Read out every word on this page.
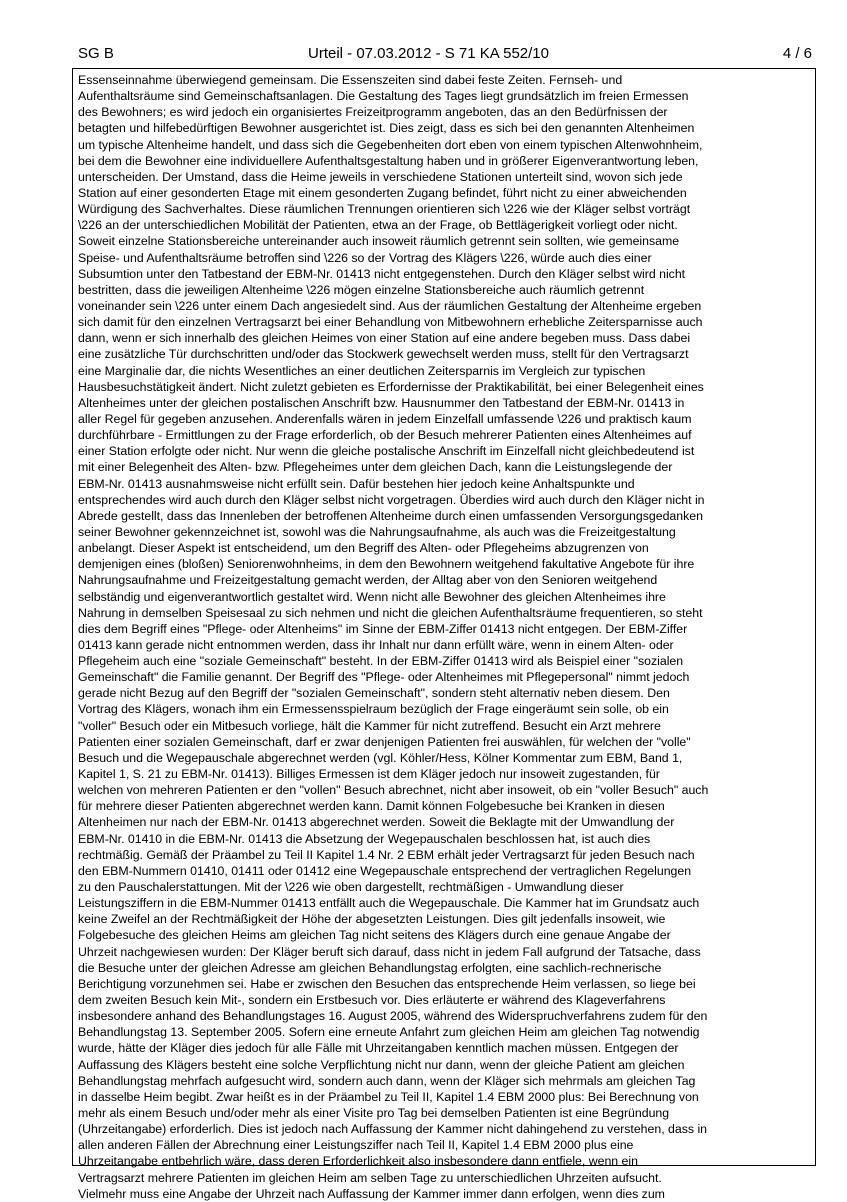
SG B	Urteil - 07.03.2012 - S 71 KA 552/10	4 / 6
Essenseinnahme überwiegend gemeinsam. Die Essenszeiten sind dabei feste Zeiten. Fernseh- und
Aufenthaltsräume sind Gemeinschaftsanlagen. Die Gestaltung des Tages liegt grundsätzlich im freien Ermessen
des Bewohners; es wird jedoch ein organisiertes Freizeitprogramm angeboten, das an den Bedürfnissen der
betagten und hilfebedürftigen Bewohner ausgerichtet ist. Dies zeigt, dass es sich bei den genannten Altenheimen
um typische Altenheime handelt, und dass sich die Gegebenheiten dort eben von einem typischen Altenwohnheim,
bei dem die Bewohner eine individuellere Aufenthaltsgestaltung haben und in größerer Eigenverantwortung leben,
unterscheiden. Der Umstand, dass die Heime jeweils in verschiedene Stationen unterteilt sind, wovon sich jede
Station auf einer gesonderten Etage mit einem gesonderten Zugang befindet, führt nicht zu einer abweichenden
Würdigung des Sachverhaltes. Diese räumlichen Trennungen orientieren sich \226 wie der Kläger selbst vorträgt
\226 an der unterschiedlichen Mobilität der Patienten, etwa an der Frage, ob Bettlägerigkeit vorliegt oder nicht.
Soweit einzelne Stationsbereiche untereinander auch insoweit räumlich getrennt sein sollten, wie gemeinsame
Speise- und Aufenthaltsräume betroffen sind \226 so der Vortrag des Klägers \226, würde auch dies einer
Subsumtion unter den Tatbestand der EBM-Nr. 01413 nicht entgegenstehen. Durch den Kläger selbst wird nicht
bestritten, dass die jeweiligen Altenheime \226 mögen einzelne Stationsbereiche auch räumlich getrennt
voneinander sein \226 unter einem Dach angesiedelt sind. Aus der räumlichen Gestaltung der Altenheime ergeben
sich damit für den einzelnen Vertragsarzt bei einer Behandlung von Mitbewohnern erhebliche Zeitersparnisse auch
dann, wenn er sich innerhalb des gleichen Heimes von einer Station auf eine andere begeben muss. Dass dabei
eine zusätzliche Tür durchschritten und/oder das Stockwerk gewechselt werden muss, stellt für den Vertragsarzt
eine Marginalie dar, die nichts Wesentliches an einer deutlichen Zeitersparnis im Vergleich zur typischen
Hausbesuchstätigkeit ändert. Nicht zuletzt gebieten es Erfordernisse der Praktikabilität, bei einer Belegenheit eines
Altenheimes unter der gleichen postalischen Anschrift bzw. Hausnummer den Tatbestand der EBM-Nr. 01413 in
aller Regel für gegeben anzusehen. Anderenfalls wären in jedem Einzelfall umfassende \226 und praktisch kaum
durchführbare - Ermittlungen zu der Frage erforderlich, ob der Besuch mehrerer Patienten eines Altenheimes auf
einer Station erfolgte oder nicht. Nur wenn die gleiche postalische Anschrift im Einzelfall nicht gleichbedeutend ist
mit einer Belegenheit des Alten- bzw. Pflegeheimes unter dem gleichen Dach, kann die Leistungslegende der
EBM-Nr. 01413 ausnahmsweise nicht erfüllt sein. Dafür bestehen hier jedoch keine Anhaltspunkte und
entsprechendes wird auch durch den Kläger selbst nicht vorgetragen. Überdies wird auch durch den Kläger nicht in
Abrede gestellt, dass das Innenleben der betroffenen Altenheime durch einen umfassenden Versorgungsgedanken
seiner Bewohner gekennzeichnet ist, sowohl was die Nahrungsaufnahme, als auch was die Freizeitgestaltung
anbelangt. Dieser Aspekt ist entscheidend, um den Begriff des Alten- oder Pflegeheims abzugrenzen von
demjenigen eines (bloßen) Seniorenwohnheims, in dem den Bewohnern weitgehend fakultative Angebote für ihre
Nahrungsaufnahme und Freizeitgestaltung gemacht werden, der Alltag aber von den Senioren weitgehend
selbständig und eigenverantwortlich gestaltet wird. Wenn nicht alle Bewohner des gleichen Altenheimes ihre
Nahrung in demselben Speisesaal zu sich nehmen und nicht die gleichen Aufenthaltsräume frequentieren, so steht
dies dem Begriff eines "Pflege- oder Altenheims" im Sinne der EBM-Ziffer 01413 nicht entgegen. Der EBM-Ziffer
01413 kann gerade nicht entnommen werden, dass ihr Inhalt nur dann erfüllt wäre, wenn in einem Alten- oder
Pflegeheim auch eine "soziale Gemeinschaft" besteht. In der EBM-Ziffer 01413 wird als Beispiel einer "sozialen
Gemeinschaft" die Familie genannt. Der Begriff des "Pflege- oder Altenheimes mit Pflegepersonal" nimmt jedoch
gerade nicht Bezug auf den Begriff der "sozialen Gemeinschaft", sondern steht alternativ neben diesem. Den
Vortrag des Klägers, wonach ihm ein Ermessensspielraum bezüglich der Frage eingeräumt sein solle, ob ein
"voller" Besuch oder ein Mitbesuch vorliege, hält die Kammer für nicht zutreffend. Besucht ein Arzt mehrere
Patienten einer sozialen Gemeinschaft, darf er zwar denjenigen Patienten frei auswählen, für welchen der "volle"
Besuch und die Wegepauschale abgerechnet werden (vgl. Köhler/Hess, Kölner Kommentar zum EBM, Band 1,
Kapitel 1, S. 21 zu EBM-Nr. 01413). Billiges Ermessen ist dem Kläger jedoch nur insoweit zugestanden, für
welchen von mehreren Patienten er den "vollen" Besuch abrechnet, nicht aber insoweit, ob ein "voller Besuch" auch
für mehrere dieser Patienten abgerechnet werden kann. Damit können Folgebesuche bei Kranken in diesen
Altenheimen nur nach der EBM-Nr. 01413 abgerechnet werden. Soweit die Beklagte mit der Umwandlung der
EBM-Nr. 01410 in die EBM-Nr. 01413 die Absetzung der Wegepauschalen beschlossen hat, ist auch dies
rechtmäßig. Gemäß der Präambel zu Teil II Kapitel 1.4 Nr. 2 EBM erhält jeder Vertragsarzt für jeden Besuch nach
den EBM-Nummern 01410, 01411 oder 01412 eine Wegepauschale entsprechend der vertraglichen Regelungen
zu den Pauschalerstattungen. Mit der \226 wie oben dargestellt, rechtmäßigen - Umwandlung dieser
Leistungsziffern in die EBM-Nummer 01413 entfällt auch die Wegepauschale. Die Kammer hat im Grundsatz auch
keine Zweifel an der Rechtmäßigkeit der Höhe der abgesetzten Leistungen. Dies gilt jedenfalls insoweit, wie
Folgebesuche des gleichen Heims am gleichen Tag nicht seitens des Klägers durch eine genaue Angabe der
Uhrzeit nachgewiesen wurden: Der Kläger beruft sich darauf, dass nicht in jedem Fall aufgrund der Tatsache, dass
die Besuche unter der gleichen Adresse am gleichen Behandlungstag erfolgten, eine sachlich-rechnerische
Berichtigung vorzunehmen sei. Habe er zwischen den Besuchen das entsprechende Heim verlassen, so liege bei
dem zweiten Besuch kein Mit-, sondern ein Erstbesuch vor. Dies erläuterte er während des Klageverfahrens
insbesondere anhand des Behandlungstages 16. August 2005, während des Widerspruchverfahrens zudem für den
Behandlungstag 13. September 2005. Sofern eine erneute Anfahrt zum gleichen Heim am gleichen Tag notwendig
wurde, hätte der Kläger dies jedoch für alle Fälle mit Uhrzeitangaben kenntlich machen müssen. Entgegen der
Auffassung des Klägers besteht eine solche Verpflichtung nicht nur dann, wenn der gleiche Patient am gleichen
Behandlungstag mehrfach aufgesucht wird, sondern auch dann, wenn der Kläger sich mehrmals am gleichen Tag
in dasselbe Heim begibt. Zwar heißt es in der Präambel zu Teil II, Kapitel 1.4 EBM 2000 plus: Bei Berechnung von
mehr als einem Besuch und/oder mehr als einer Visite pro Tag bei demselben Patienten ist eine Begründung
(Uhrzeitangabe) erforderlich. Dies ist jedoch nach Auffassung der Kammer nicht dahingehend zu verstehen, dass in
allen anderen Fällen der Abrechnung einer Leistungsziffer nach Teil II, Kapitel 1.4 EBM 2000 plus eine
Uhrzeitangabe entbehrlich wäre, dass deren Erforderlichkeit also insbesondere dann entfiele, wenn ein
Vertragsarzt mehrere Patienten im gleichen Heim am selben Tage zu unterschiedlichen Uhrzeiten aufsucht.
Vielmehr muss eine Angabe der Uhrzeit nach Auffassung der Kammer immer dann erfolgen, wenn dies zum
